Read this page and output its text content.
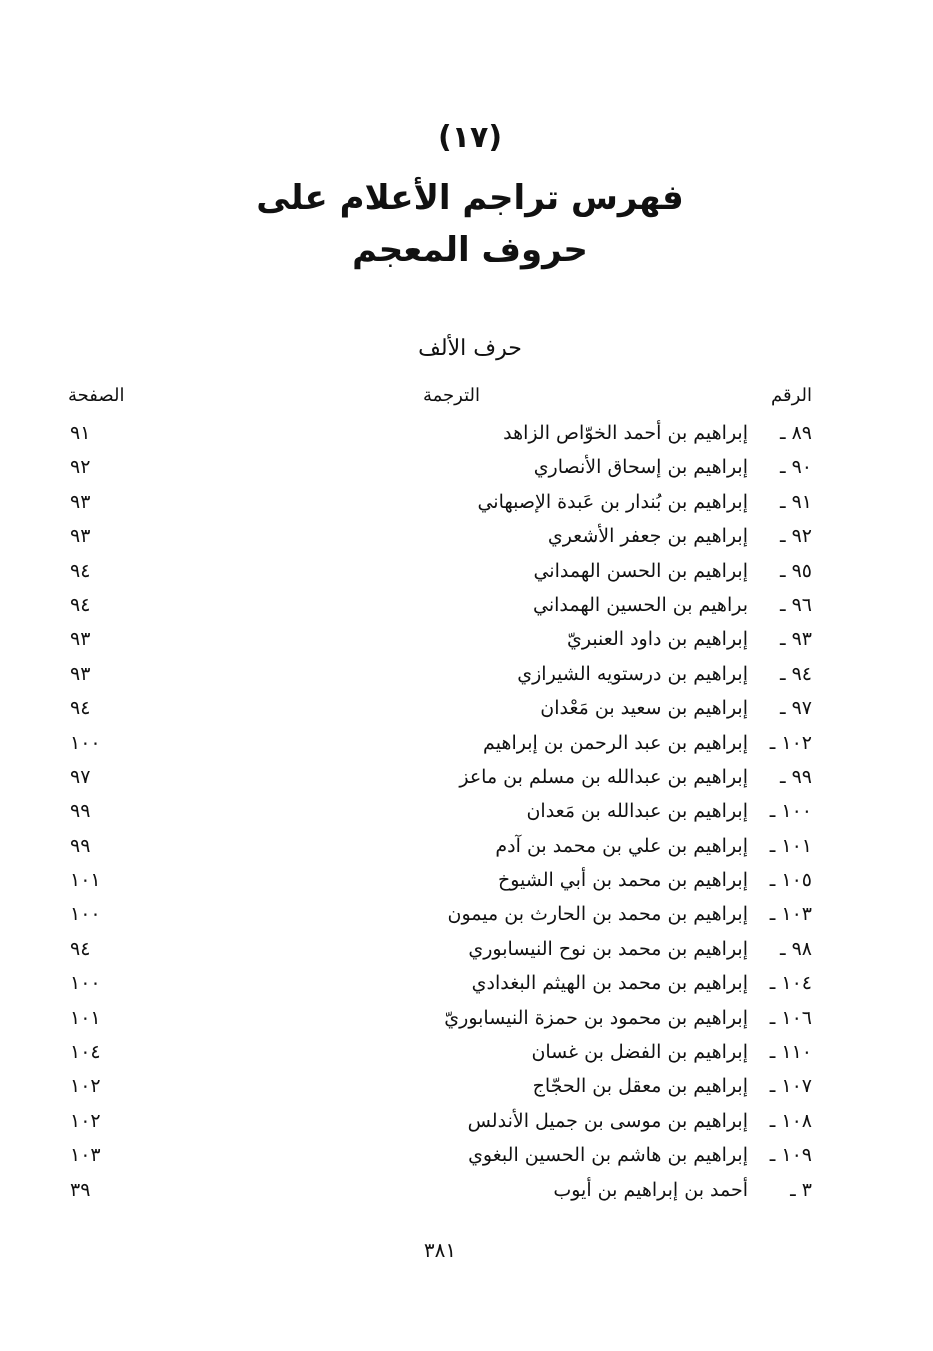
(١٧)
فهرس تراجم الأعلام على
حروف المعجم
حرف الألف
الرقم
الترجمة
الصفحة
٨٩ ـ
إبراهيم بن أحمد الخوّاص الزاهد
٩١
٩٠ ـ
إبراهيم بن إسحاق الأنصاري
٩٢
٩١ ـ
إبراهيم بن بُندار بن عَبدة الإصبهاني
٩٣
٩٢ ـ
إبراهيم بن جعفر الأشعري
٩٣
٩٥ ـ
إبراهيم بن الحسن الهمداني
٩٤
٩٦ ـ
براهيم بن الحسين الهمداني
٩٤
٩٣ ـ
إبراهيم بن داود العنبريّ
٩٣
٩٤ ـ
إبراهيم بن درستويه الشيرازي
٩٣
٩٧ ـ
إبراهيم بن سعيد بن مَعْدان
٩٤
١٠٢ ـ
إبراهيم بن عبد الرحمن بن إبراهيم
١٠٠
٩٩ ـ
إبراهيم بن عبدالله بن مسلم بن ماعز
٩٧
١٠٠ ـ
إبراهيم بن عبدالله بن مَعدان
٩٩
١٠١ ـ
إبراهيم بن علي بن محمد بن آدم
٩٩
١٠٥ ـ
إبراهيم بن محمد بن أبي الشيوخ
١٠١
١٠٣ ـ
إبراهيم بن محمد بن الحارث بن ميمون
١٠٠
٩٨ ـ
إبراهيم بن محمد بن نوح النيسابوري
٩٤
١٠٤ ـ
إبراهيم بن محمد بن الهيثم البغدادي
١٠٠
١٠٦ ـ
إبراهيم بن محمود بن حمزة النيسابوريّ
١٠١
١١٠ ـ
إبراهيم بن الفضل بن غسان
١٠٤
١٠٧ ـ
إبراهيم بن معقل بن الحجّاج
١٠٢
١٠٨ ـ
إبراهيم بن موسى بن جميل الأندلس
١٠٢
١٠٩ ـ
إبراهيم بن هاشم بن الحسين البغوي
١٠٣
٣ ـ
أحمد بن إبراهيم بن أيوب
٣٩
٣٨١
